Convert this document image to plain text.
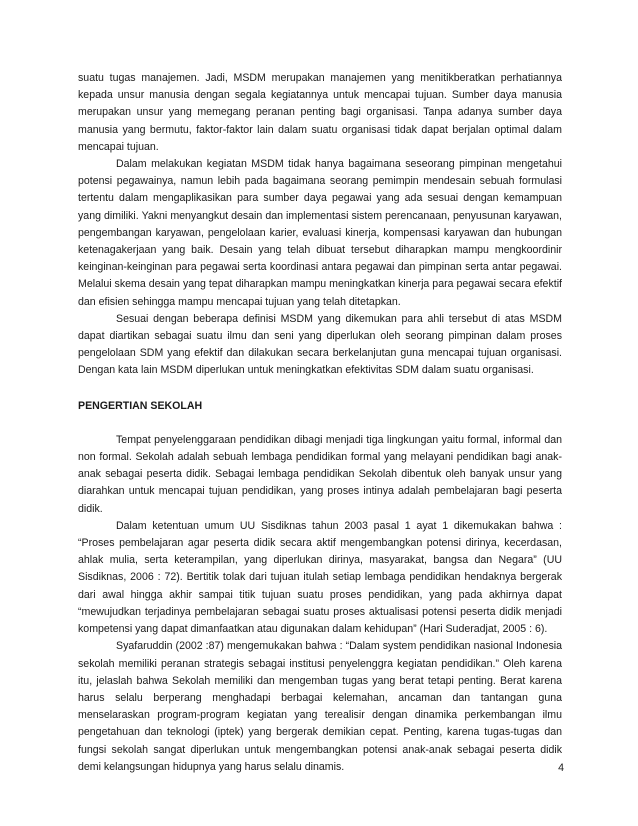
suatu tugas manajemen. Jadi, MSDM merupakan manajemen yang menitikberatkan perhatiannya kepada unsur manusia dengan segala kegiatannya untuk mencapai tujuan. Sumber daya manusia merupakan unsur yang memegang peranan penting bagi organisasi. Tanpa adanya sumber daya manusia yang bermutu, faktor-faktor lain dalam suatu organisasi tidak dapat berjalan optimal dalam mencapai tujuan.

Dalam melakukan kegiatan MSDM tidak hanya bagaimana seseorang pimpinan mengetahui potensi pegawainya, namun lebih pada bagaimana seorang pemimpin mendesain sebuah formulasi tertentu dalam mengaplikasikan para sumber daya pegawai yang ada sesuai dengan kemampuan yang dimiliki. Yakni menyangkut desain dan implementasi sistem perencanaan, penyusunan karyawan, pengembangan karyawan, pengelolaan karier, evaluasi kinerja, kompensasi karyawan dan hubungan ketenagakerjaan yang baik. Desain yang telah dibuat tersebut diharapkan mampu mengkoordinir keinginan-keinginan para pegawai serta koordinasi antara pegawai dan pimpinan serta antar pegawai. Melalui skema desain yang tepat diharapkan mampu meningkatkan kinerja para pegawai secara efektif dan efisien sehingga mampu mencapai tujuan yang telah ditetapkan.

Sesuai dengan beberapa definisi MSDM yang dikemukan para ahli tersebut di atas MSDM dapat diartikan sebagai suatu ilmu dan seni yang diperlukan oleh seorang pimpinan dalam proses pengelolaan SDM yang efektif dan dilakukan secara berkelanjutan guna mencapai tujuan organisasi. Dengan kata lain MSDM diperlukan untuk meningkatkan efektivitas SDM dalam suatu organisasi.

PENGERTIAN SEKOLAH

Tempat penyelenggaraan pendidikan dibagi menjadi tiga lingkungan yaitu formal, informal dan non formal. Sekolah adalah sebuah lembaga pendidikan formal yang melayani pendidikan bagi anak-anak sebagai peserta didik. Sebagai lembaga pendidikan Sekolah dibentuk oleh banyak unsur yang diarahkan untuk mencapai tujuan pendidikan, yang proses intinya adalah pembelajaran bagi peserta didik.

Dalam ketentuan umum UU Sisdiknas tahun 2003 pasal 1 ayat 1 dikemukakan bahwa : “Proses pembelajaran agar peserta didik secara aktif mengembangkan potensi dirinya, kecerdasan, ahlak mulia, serta keterampilan, yang diperlukan dirinya, masyarakat, bangsa dan Negara” (UU Sisdiknas, 2006 : 72). Bertitik tolak dari tujuan itulah setiap lembaga pendidikan hendaknya bergerak dari awal hingga akhir sampai titik tujuan suatu proses pendidikan, yang pada akhirnya dapat “mewujudkan terjadinya pembelajaran sebagai suatu proses aktualisasi potensi peserta didik menjadi kompetensi yang dapat dimanfaatkan atau digunakan dalam kehidupan” (Hari Suderadjat, 2005 : 6).

Syafaruddin (2002 :87) mengemukakan bahwa : “Dalam system pendidikan nasional Indonesia sekolah memiliki peranan strategis sebagai institusi penyelenggra kegiatan pendidikan.” Oleh karena itu, jelaslah bahwa Sekolah memiliki dan mengemban tugas yang berat tetapi penting. Berat karena harus selalu berperang menghadapi berbagai kelemahan, ancaman dan tantangan guna menselaraskan program-program kegiatan yang terealisir dengan dinamika perkembangan ilmu pengetahuan dan teknologi (iptek) yang bergerak demikian cepat. Penting, karena tugas-tugas dan fungsi sekolah sangat diperlukan untuk mengembangkan potensi anak-anak sebagai peserta didik demi kelangsungan hidupnya yang harus selalu dinamis.	4
